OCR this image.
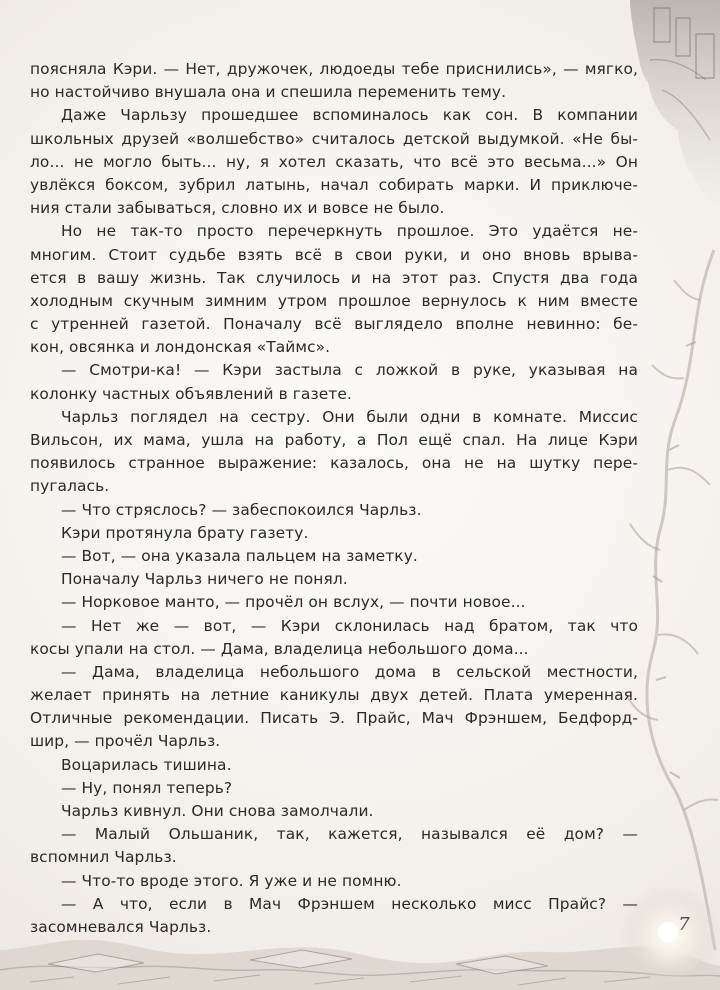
поясняла Кэри. — Нет, дружочек, людоеды тебе приснились», — мягко,
но настойчиво внушала она и спешила переменить тему.
Даже Чарльзу прошедшее вспоминалось как сон. В компании
школьных друзей «волшебство» считалось детской выдумкой. «Не бы-
ло... не могло быть... ну, я хотел сказать, что всё это весьма...» Он
увлёкся боксом, зубрил латынь, начал собирать марки. И приключе-
ния стали забываться, словно их и вовсе не было.
Но не так-то просто перечеркнуть прошлое. Это удаётся не-
многим. Стоит судьбе взять всё в свои руки, и оно вновь врыва-
ется в вашу жизнь. Так случилось и на этот раз. Спустя два года
холодным скучным зимним утром прошлое вернулось к ним вместе
с утренней газетой. Поначалу всё выглядело вполне невинно: бе-
кон, овсянка и лондонская «Таймс».
— Смотри-ка! — Кэри застыла с ложкой в руке, указывая на
колонку частных объявлений в газете.
Чарльз поглядел на сестру. Они были одни в комнате. Миссис
Вильсон, их мама, ушла на работу, а Пол ещё спал. На лице Кэри
появилось странное выражение: казалось, она не на шутку пере-
пугалась.
— Что стряслось? — забеспокоился Чарльз.
Кэри протянула брату газету.
— Вот, — она указала пальцем на заметку.
Поначалу Чарльз ничего не понял.
— Норковое манто, — прочёл он вслух, — почти новое...
— Нет же — вот, — Кэри склонилась над братом, так что
косы упали на стол. — Дама, владелица небольшого дома...
— Дама, владелица небольшого дома в сельской местности,
желает принять на летние каникулы двух детей. Плата умеренная.
Отличные рекомендации. Писать Э. Прайс, Мач Фрэншем, Бедфорд-
шир, — прочёл Чарльз.
Воцарилась тишина.
— Ну, понял теперь?
Чарльз кивнул. Они снова замолчали.
— Малый Ольшаник, так, кажется, назывался её дом? —
вспомнил Чарльз.
— Что-то вроде этого. Я уже и не помню.
— А что, если в Мач Фрэншем несколько мисс Прайс? —
засомневался Чарльз.	7
